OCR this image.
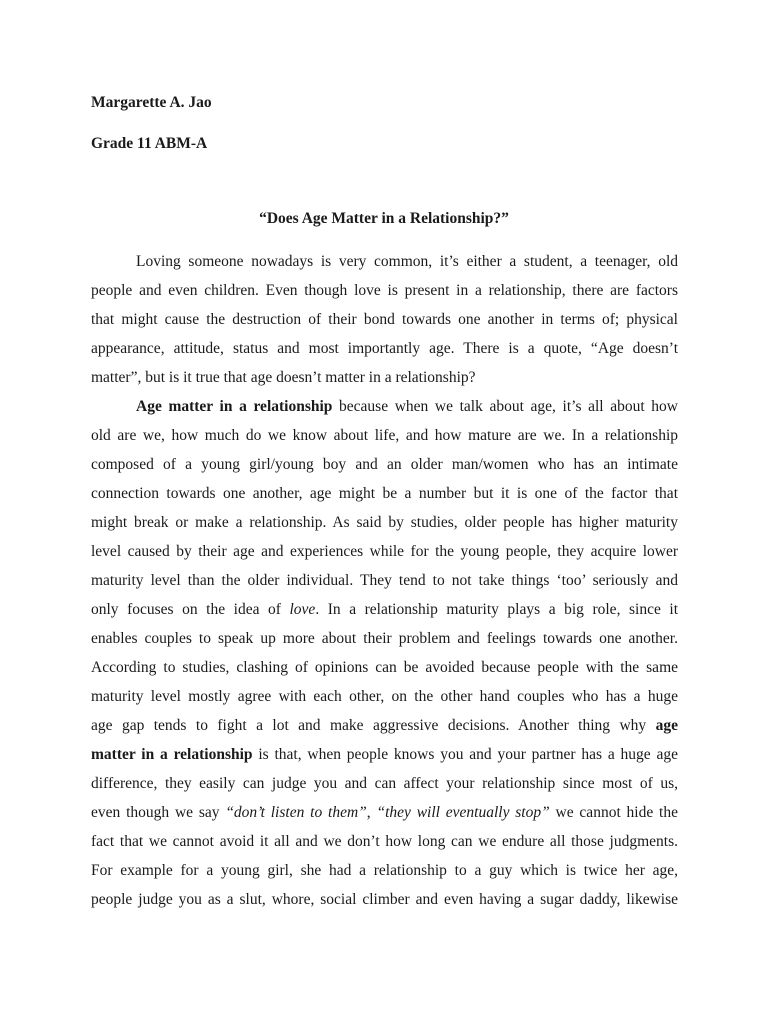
Margarette A. Jao
Grade 11 ABM-A
“Does Age Matter in a Relationship?”
Loving someone nowadays is very common, it’s either a student, a teenager, old
people and even children. Even though love is present in a relationship, there are factors
that might cause the destruction of their bond towards one another in terms of; physical
appearance, attitude, status and most importantly age. There is a quote, “Age doesn’t
matter”, but is it true that age doesn’t matter in a relationship?
Age matter in a relationship because when we talk about age, it’s all about how
old are we, how much do we know about life, and how mature are we. In a relationship
composed of a young girl/young boy and an older man/women who has an intimate
connection towards one another, age might be a number but it is one of the factor that
might break or make a relationship. As said by studies, older people has higher maturity
level caused by their age and experiences while for the young people, they acquire lower
maturity level than the older individual. They tend to not take things ‘too’ seriously and
only focuses on the idea of love. In a relationship maturity plays a big role, since it
enables couples to speak up more about their problem and feelings towards one another.
According to studies, clashing of opinions can be avoided because people with the same
maturity level mostly agree with each other, on the other hand couples who has a huge
age gap tends to fight a lot and make aggressive decisions. Another thing why age
matter in a relationship is that, when people knows you and your partner has a huge age
difference, they easily can judge you and can affect your relationship since most of us,
even though we say “don’t listen to them”, “they will eventually stop” we cannot hide the
fact that we cannot avoid it all and we don’t how long can we endure all those judgments.
For example for a young girl, she had a relationship to a guy which is twice her age,
people judge you as a slut, whore, social climber and even having a sugar daddy, likewise
